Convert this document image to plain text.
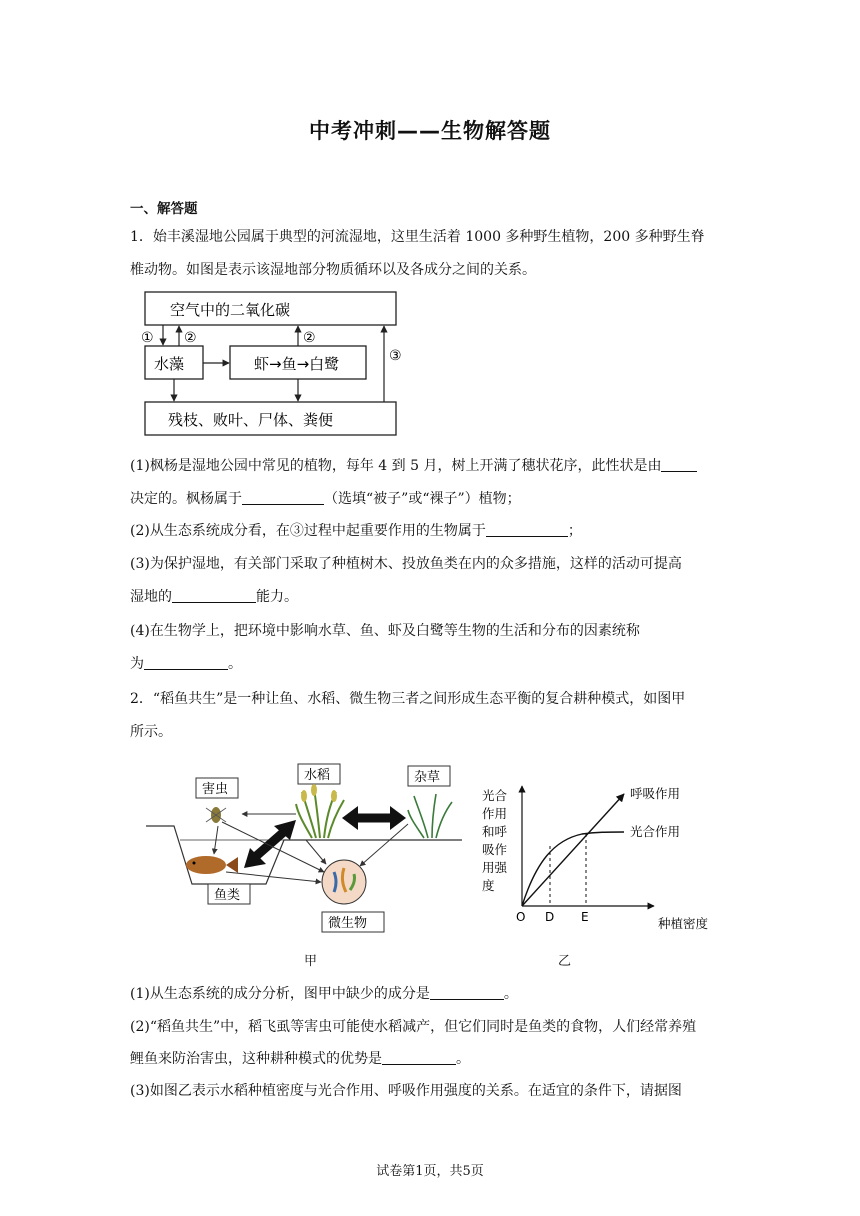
中考冲刺——生物解答题
一、解答题
1．始丰溪湿地公园属于典型的河流湿地，这里生活着 1000 多种野生植物，200 多种野生脊
椎动物。如图是表示该湿地部分物质循环以及各成分之间的关系。
空气中的二氧化碳
水藻	虾→鱼→白鹭
残枝、败叶、尸体、粪便
① ②	②
③
(1)枫杨是湿地公园中常见的植物，每年 4 到 5 月，树上开满了穗状花序，此性状是由
决定的。枫杨属于	（选填“被子”或“裸子”）植物；
(2)从生态系统成分看，在③过程中起重要作用的生物属于	；
(3)为保护湿地，有关部门采取了种植树木、投放鱼类在内的众多措施，这样的活动可提高
湿地的	能力。
(4)在生物学上，把环境中影响水草、鱼、虾及白鹭等生物的生活和分布的因素统称
为	。
2．“稻鱼共生”是一种让鱼、水稻、微生物三者之间形成生态平衡的复合耕种模式，如图甲
所示。
害虫
水稻	杂草
鱼类
微生物
甲
光合
作用
和呼
吸作
用强
度
呼吸作用
光合作用
O D E	种植密度
乙
(1)从生态系统的成分分析，图甲中缺少的成分是	。
(2)“稻鱼共生”中，稻飞虱等害虫可能使水稻减产，但它们同时是鱼类的食物，人们经常养殖
鲤鱼来防治害虫，这种耕种模式的优势是	。
(3)如图乙表示水稻种植密度与光合作用、呼吸作用强度的关系。在适宜的条件下，请据图
试卷第1页，共5页
